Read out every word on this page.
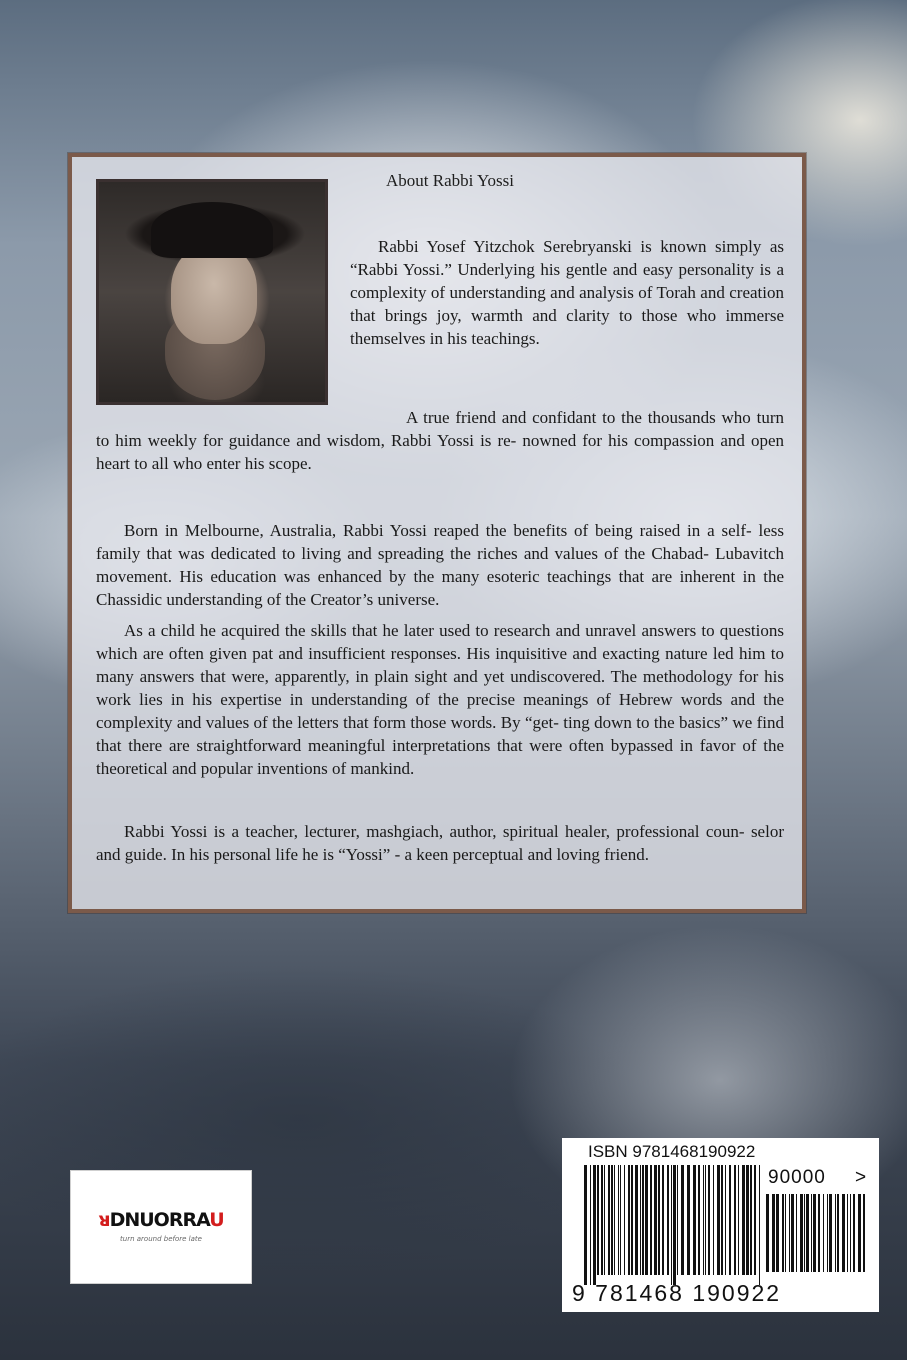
About Rabbi Yossi

Rabbi Yosef Yitzchok Serebryanski is known simply as “Rabbi Yossi.” Underlying his gentle and easy personality is a complexity of understanding and analysis of Torah and creation that brings joy, warmth and clarity to those who immerse themselves in his teachings.

A true friend and confidant to the thousands who turn to him weekly for guidance and wisdom, Rabbi Yossi is re- nowned for his compassion and open heart to all who enter his scope.

Born in Melbourne, Australia, Rabbi Yossi reaped the benefits of being raised in a self- less family that was dedicated to living and spreading the riches and values of the Chabad- Lubavitch movement. His education was enhanced by the many esoteric teachings that are inherent in the Chassidic understanding of the Creator’s universe.

As a child he acquired the skills that he later used to research and unravel answers to questions which are often given pat and insufficient responses. His inquisitive and exacting nature led him to many answers that were, apparently, in plain sight and yet undiscovered. The methodology for his work lies in his expertise in understanding of the precise meanings of Hebrew words and the complexity and values of the letters that form those words. By “get- ting down to the basics” we find that there are straightforward meaningful interpretations that were often bypassed in favor of the theoretical and popular inventions of mankind.

Rabbi Yossi is a teacher, lecturer, mashgiach, author, spiritual healer, professional coun- selor and guide. In his personal life he is “Yossi” - a keen perceptual and loving friend.

ᴚDNUORRAU
turn around before late
ISBN 9781468190922
90000 >
9 781468 190922
